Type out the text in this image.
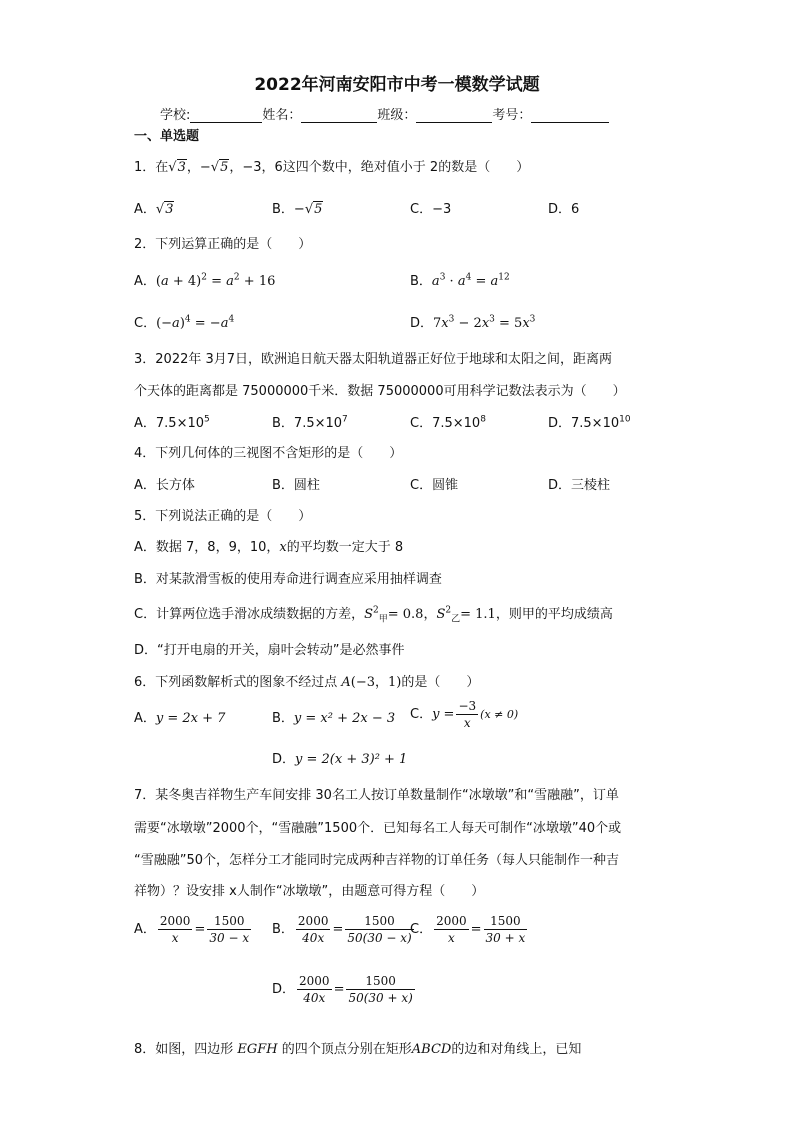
2022年河南安阳市中考一模数学试题
学校:	姓名：	班级：	考号：
一、单选题
1．在√3，−√5，−3，6这四个数中，绝对值小于 2的数是（　　）
A．√3	B．−√5	C．−3	D．6
2．下列运算正确的是（　　）
A．$(a + 4)^2 = a^2 + 16$	B．$a^3 \cdot a^4 = a^{12}$
C．$(-a)^4 = -a^4$	D．$7x^3 - 2x^3 = 5x^3$
3．2022年 3月7日，欧洲追日航天器太阳轨道器正好位于地球和太阳之间，距离两
个天体的距离都是 75000000千米．数据 75000000可用科学记数法表示为（　　）
A．$7.5\times 10^5$	B．$7.5\times 10^7$	C．$7.5\times 10^8$	D．$7.5\times 10^{10}$
4．下列几何体的三视图不含矩形的是（　　）
A．长方体	B．圆柱	C．圆锥	D．三棱柱
5．下列说法正确的是（　　）
A．数据 7，8，9，10，x的平均数一定大于 8
B．对某款滑雪板的使用寿命进行调查应采用抽样调查
C．计算两位选手滑冰成绩数据的方差，$S^2_甲= 0.8$，$S^2_乙= 1.1$，则甲的平均成绩高
D．“打开电扇的开关，扇叶会转动”是必然事件
6．下列函数解析式的图象不经过点 A(−3，1)的是（　　）
A．y = 2x + 7	B．y = x² + 2x − 3 C．$y = \frac{-3}{x} (x \ne 0)$
D．y = 2(x + 3)² + 1
7．某冬奥吉祥物生产车间安排 30名工人按订单数量制作“冰墩墩”和“雪融融”，订单
需要“冰墩墩”2000个，“雪融融”1500个．已知每名工人每天可制作“冰墩墩”40个或
“雪融融”50个，怎样分工才能同时完成两种吉祥物的订单任务（每人只能制作一种吉
祥物）？设安排 x人制作“冰墩墩”，由题意可得方程（　　）
A． $\frac{2000}{x} = \frac{1500}{30 - x}$ B． $\frac{2000}{40x} = \frac{1500}{50(30 - x)}$
C． $\frac{2000}{x} = \frac{1500}{30 + x}$
D． $\frac{2000}{40x} = \frac{1500}{50(30 + x)}$
8．如图，四边形 EGFH 的四个顶点分别在矩形ABCD的边和对角线上，已知
